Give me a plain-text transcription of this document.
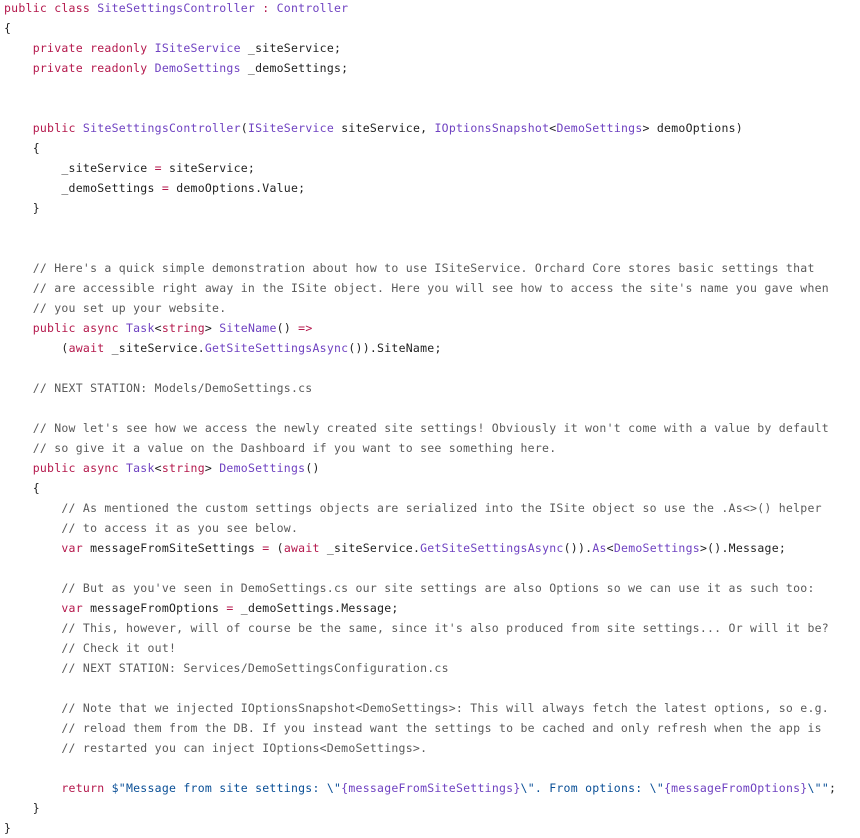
public class SiteSettingsController : Controller
{
private readonly ISiteService _siteService;
private readonly DemoSettings _demoSettings;
public SiteSettingsController(ISiteService siteService, IOptionsSnapshot<DemoSettings> demoOptions)
{
_siteService = siteService;
_demoSettings = demoOptions.Value;
}
// Here's a quick simple demonstration about how to use ISiteService. Orchard Core stores basic settings that
// are accessible right away in the ISite object. Here you will see how to access the site's name you gave when
// you set up your website.
public async Task<string> SiteName() =>
(await _siteService.GetSiteSettingsAsync()).SiteName;
// NEXT STATION: Models/DemoSettings.cs
// Now let's see how we access the newly created site settings! Obviously it won't come with a value by default
// so give it a value on the Dashboard if you want to see something here.
public async Task<string> DemoSettings()
{
// As mentioned the custom settings objects are serialized into the ISite object so use the .As<>() helper
// to access it as you see below.
var messageFromSiteSettings = (await _siteService.GetSiteSettingsAsync()).As<DemoSettings>().Message;
// But as you've seen in DemoSettings.cs our site settings are also Options so we can use it as such too:
var messageFromOptions = _demoSettings.Message;
// This, however, will of course be the same, since it's also produced from site settings... Or will it be?
// Check it out!
// NEXT STATION: Services/DemoSettingsConfiguration.cs
// Note that we injected IOptionsSnapshot<DemoSettings>: This will always fetch the latest options, so e.g.
// reload them from the DB. If you instead want the settings to be cached and only refresh when the app is
// restarted you can inject IOptions<DemoSettings>.
return $"Message from site settings: \"{messageFromSiteSettings}\". From options: \"{messageFromOptions}\"";
}
}
